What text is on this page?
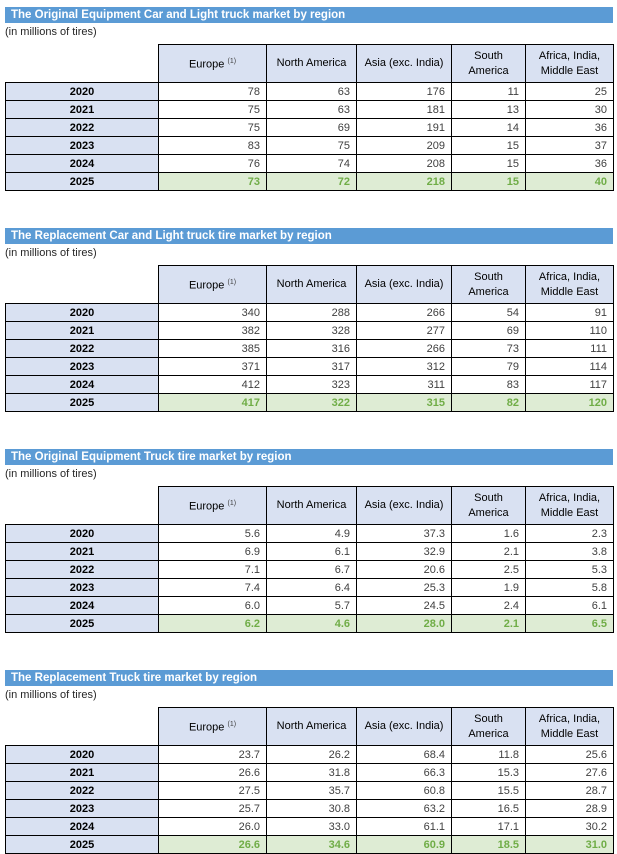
The Original Equipment Car and Light truck market by region
(in millions of tires)
	Europe $^{(1)}$	North America	Asia (exc. India)	South America	Africa, India, Middle East
2020	78	63	176	11	25
2021	75	63	181	13	30
2022	75	69	191	14	36
2023	83	75	209	15	37
2024	76	74	208	15	36
2025	73	72	218	15	40
The Replacement Car and Light truck tire market by region
(in millions of tires)
	Europe $^{(1)}$	North America	Asia (exc. India)	South America	Africa, India, Middle East
2020	340	288	266	54	91
2021	382	328	277	69	110
2022	385	316	266	73	111
2023	371	317	312	79	114
2024	412	323	311	83	117
2025	417	322	315	82	120
The Original Equipment Truck tire market by region
(in millions of tires)
	Europe $^{(1)}$	North America	Asia (exc. India)	South America	Africa, India, Middle East
2020	5.6	4.9	37.3	1.6	2.3
2021	6.9	6.1	32.9	2.1	3.8
2022	7.1	6.7	20.6	2.5	5.3
2023	7.4	6.4	25.3	1.9	5.8
2024	6.0	5.7	24.5	2.4	6.1
2025	6.2	4.6	28.0	2.1	6.5
The Replacement Truck tire market by region
(in millions of tires)
	Europe $^{(1)}$	North America	Asia (exc. India)	South America	Africa, India, Middle East
2020	23.7	26.2	68.4	11.8	25.6
2021	26.6	31.8	66.3	15.3	27.6
2022	27.5	35.7	60.8	15.5	28.7
2023	25.7	30.8	63.2	16.5	28.9
2024	26.0	33.0	61.1	17.1	30.2
2025	26.6	34.6	60.9	18.5	31.0
